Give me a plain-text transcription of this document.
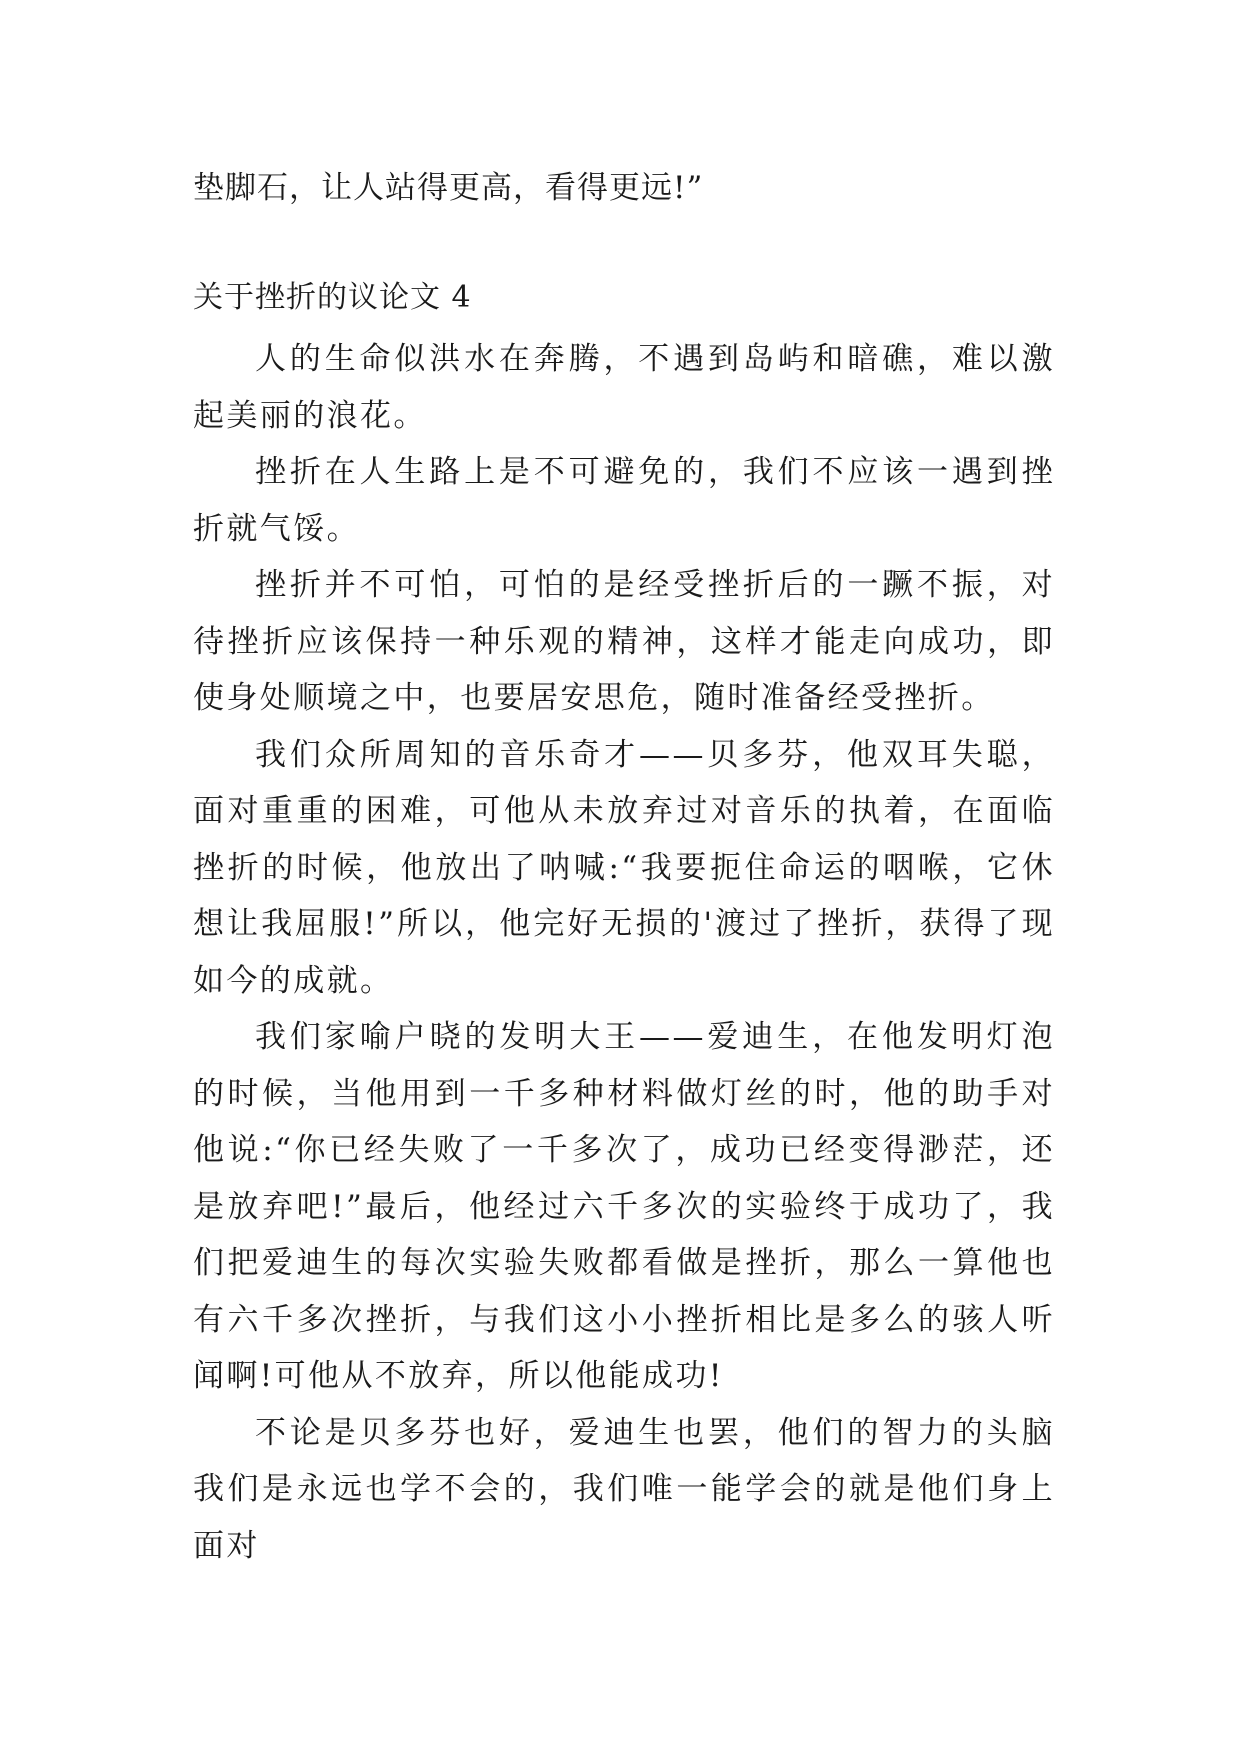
垫脚石，让人站得更高，看得更远!”
关于挫折的议论文 4

人的生命似洪水在奔腾，不遇到岛屿和暗礁，难以激起美丽的浪花。

挫折在人生路上是不可避免的，我们不应该一遇到挫折就气馁。

挫折并不可怕，可怕的是经受挫折后的一蹶不振，对待挫折应该保持一种乐观的精神，这样才能走向成功，即使身处顺境之中，也要居安思危，随时准备经受挫折。

我们众所周知的音乐奇才——贝多芬，他双耳失聪，面对重重的困难，可他从未放弃过对音乐的执着，在面临挫折的时候，他放出了呐喊:“我要扼住命运的咽喉，它休想让我屈服!”所以，他完好无损的'渡过了挫折，获得了现如今的成就。

我们家喻户晓的发明大王——爱迪生，在他发明灯泡的时候，当他用到一千多种材料做灯丝的时，他的助手对他说:“你已经失败了一千多次了，成功已经变得渺茫，还是放弃吧!”最后，他经过六千多次的实验终于成功了，我们把爱迪生的每次实验失败都看做是挫折，那么一算他也有六千多次挫折，与我们这小小挫折相比是多么的骇人听闻啊!可他从不放弃，所以他能成功!

不论是贝多芬也好，爱迪生也罢，他们的智力的头脑我们是永远也学不会的，我们唯一能学会的就是他们身上面对
